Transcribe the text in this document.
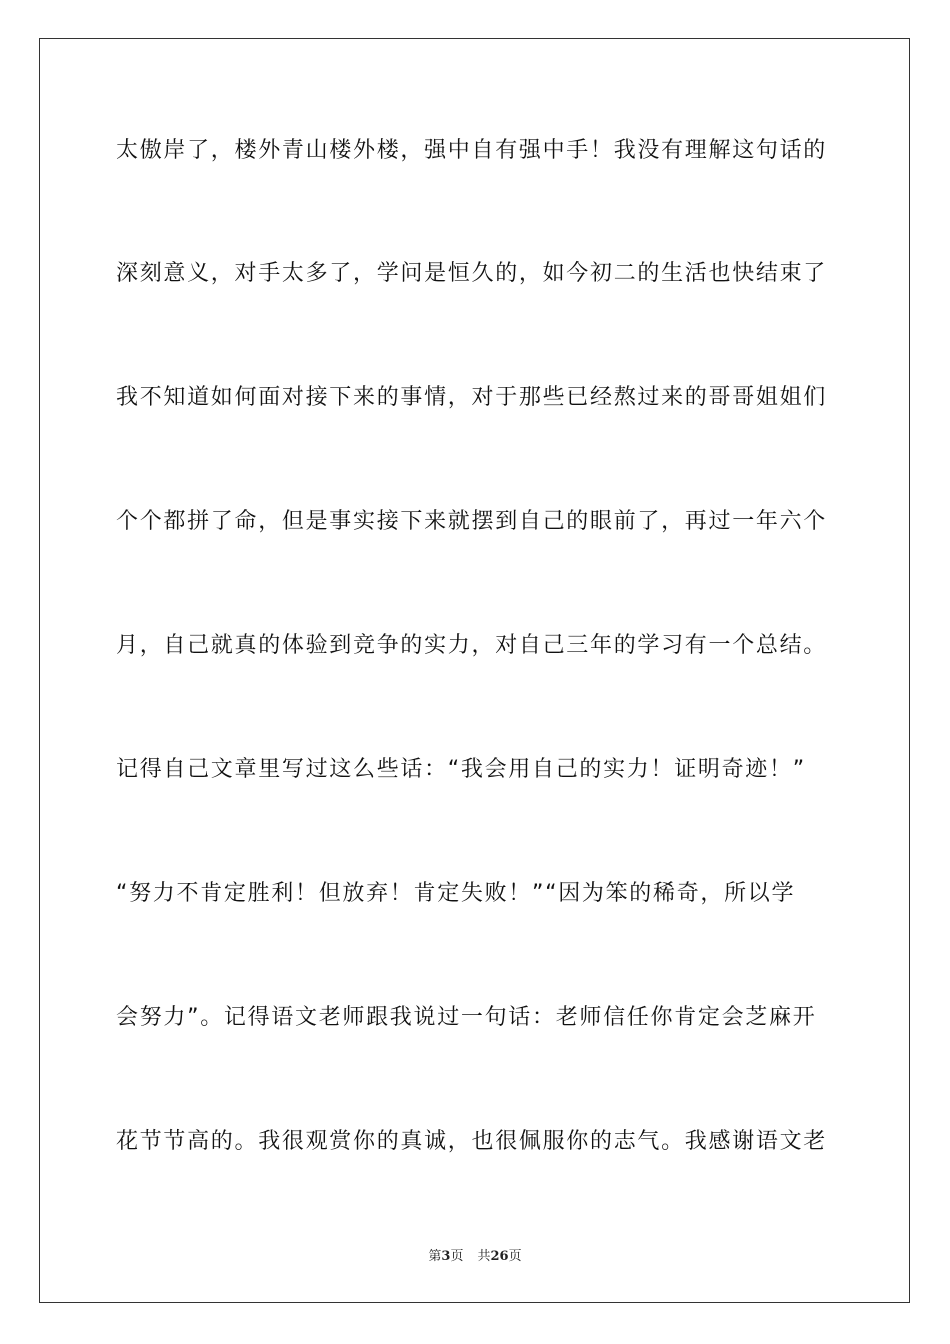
太傲岸了，楼外青山楼外楼，强中自有强中手！我没有理解这句话的
深刻意义，对手太多了，学问是恒久的，如今初二的生活也快结束了
我不知道如何面对接下来的事情，对于那些已经熬过来的哥哥姐姐们
个个都拼了命，但是事实接下来就摆到自己的眼前了，再过一年六个
月，自己就真的体验到竞争的实力，对自己三年的学习有一个总结。
记得自己文章里写过这么些话：“我会用自己的实力！证明奇迹！”
“努力不肯定胜利！但放弃！肯定失败！”“因为笨的稀奇，所以学
会努力”。记得语文老师跟我说过一句话：老师信任你肯定会芝麻开
花节节高的。我很观赏你的真诚，也很佩服你的志气。我感谢语文老
第3页 共26页
